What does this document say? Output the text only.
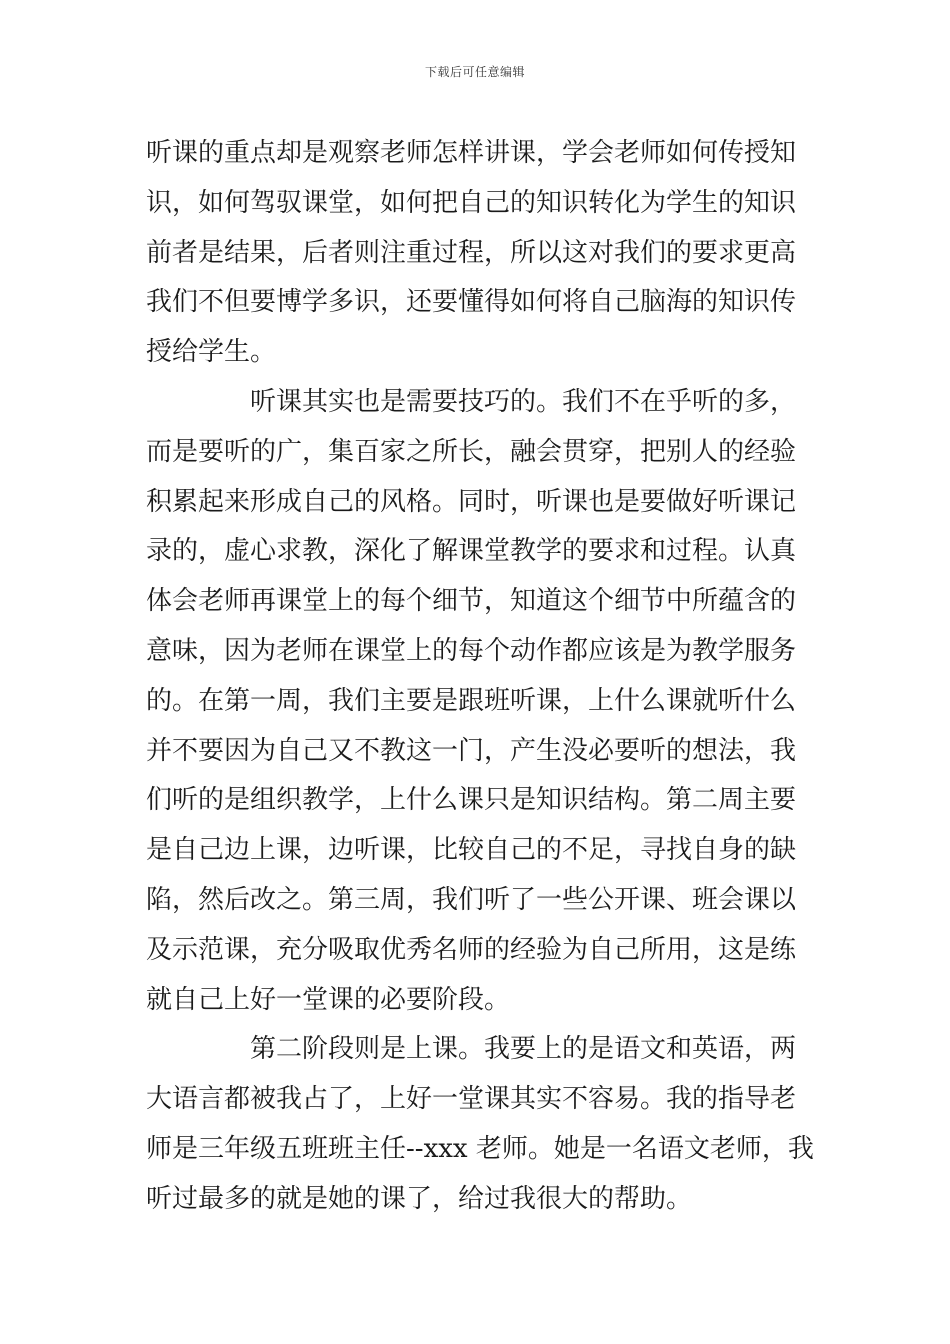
下载后可任意编辑
听课的重点却是观察老师怎样讲课，学会老师如何传授知
识，如何驾驭课堂，如何把自己的知识转化为学生的知识
前者是结果，后者则注重过程，所以这对我们的要求更高
我们不但要博学多识，还要懂得如何将自己脑海的知识传
授给学生。
听课其实也是需要技巧的。我们不在乎听的多，
而是要听的广，集百家之所长，融会贯穿，把别人的经验
积累起来形成自己的风格。同时，听课也是要做好听课记
录的，虚心求教，深化了解课堂教学的要求和过程。认真
体会老师再课堂上的每个细节，知道这个细节中所蕴含的
意味，因为老师在课堂上的每个动作都应该是为教学服务
的。在第一周，我们主要是跟班听课，上什么课就听什么
并不要因为自己又不教这一门，产生没必要听的想法，我
们听的是组织教学，上什么课只是知识结构。第二周主要
是自己边上课，边听课，比较自己的不足，寻找自身的缺
陷，然后改之。第三周，我们听了一些公开课、班会课以
及示范课，充分吸取优秀名师的经验为自己所用，这是练
就自己上好一堂课的必要阶段。
第二阶段则是上课。我要上的是语文和英语，两
大语言都被我占了，上好一堂课其实不容易。我的指导老
师是三年级五班班主任--xxx 老师。她是一名语文老师，我
听过最多的就是她的课了，给过我很大的帮助。
